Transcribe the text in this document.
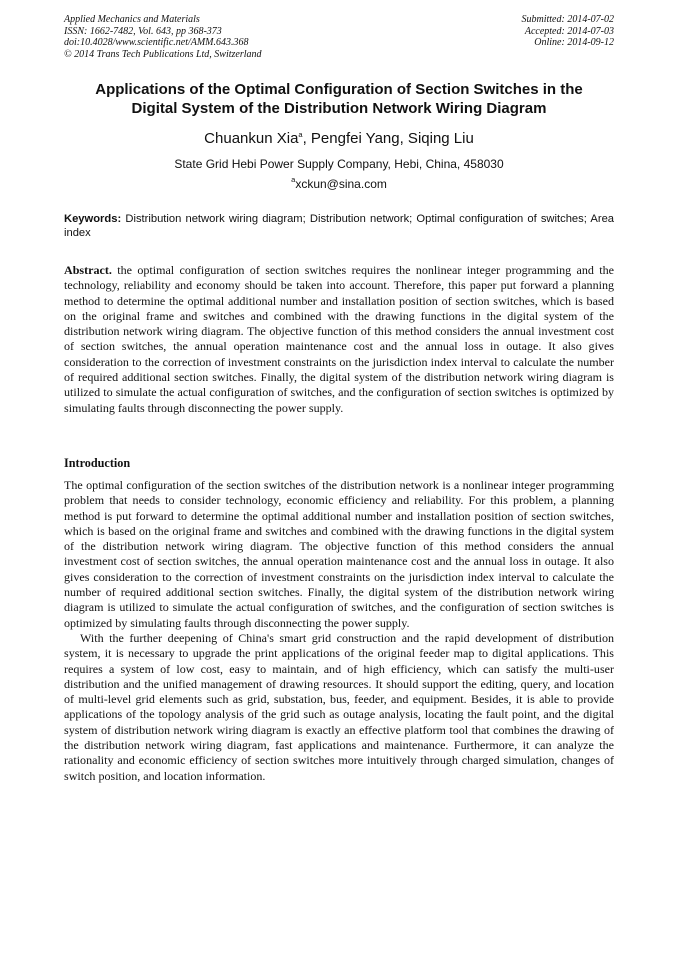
Applied Mechanics and Materials
ISSN: 1662-7482, Vol. 643, pp 368-373
doi:10.4028/www.scientific.net/AMM.643.368
© 2014 Trans Tech Publications Ltd, Switzerland
Submitted: 2014-07-02
Accepted: 2014-07-03
Online: 2014-09-12
Applications of the Optimal Configuration of Section Switches in the
Digital System of the Distribution Network Wiring Diagram
Chuankun Xia$^a$, Pengfei Yang, Siqing Liu
State Grid Hebi Power Supply Company, Hebi, China, 458030
$^a$xckun@sina.com
Keywords: Distribution network wiring diagram; Distribution network; Optimal configuration of switches; Area index
Abstract. the optimal configuration of section switches requires the nonlinear integer programming and the technology, reliability and economy should be taken into account. Therefore, this paper put forward a planning method to determine the optimal additional number and installation position of section switches, which is based on the original frame and switches and combined with the drawing functions in the digital system of the distribution network wiring diagram. The objective function of this method considers the annual investment cost of section switches, the annual operation maintenance cost and the annual loss in outage. It also gives consideration to the correction of investment constraints on the jurisdiction index interval to calculate the number of required additional section switches. Finally, the digital system of the distribution network wiring diagram is utilized to simulate the actual configuration of switches, and the configuration of section switches is optimized by simulating faults through disconnecting the power supply.
Introduction

The optimal configuration of the section switches of the distribution network is a nonlinear integer programming problem that needs to consider technology, economic efficiency and reliability. For this problem, a planning method is put forward to determine the optimal additional number and installation position of section switches, which is based on the original frame and switches and combined with the drawing functions in the digital system of the distribution network wiring diagram. The objective function of this method considers the annual investment cost of section switches, the annual operation maintenance cost and the annual loss in outage. It also gives consideration to the correction of investment constraints on the jurisdiction index interval to calculate the number of required additional section switches. Finally, the digital system of the distribution network wiring diagram is utilized to simulate the actual configuration of switches, and the configuration of section switches is optimized by simulating faults through disconnecting the power supply.

With the further deepening of China's smart grid construction and the rapid development of distribution system, it is necessary to upgrade the print applications of the original feeder map to digital applications. This requires a system of low cost, easy to maintain, and of high efficiency, which can satisfy the multi-user distribution and the unified management of drawing resources. It should support the editing, query, and location of multi-level grid elements such as grid, substation, bus, feeder, and equipment. Besides, it is able to provide applications of the topology analysis of the grid such as outage analysis, locating the fault point, and the digital system of distribution network wiring diagram is exactly an effective platform tool that combines the drawing of the distribution network wiring diagram, fast applications and maintenance. Furthermore, it can analyze the rationality and economic efficiency of section switches more intuitively through charged simulation, changes of switch position, and location information.
